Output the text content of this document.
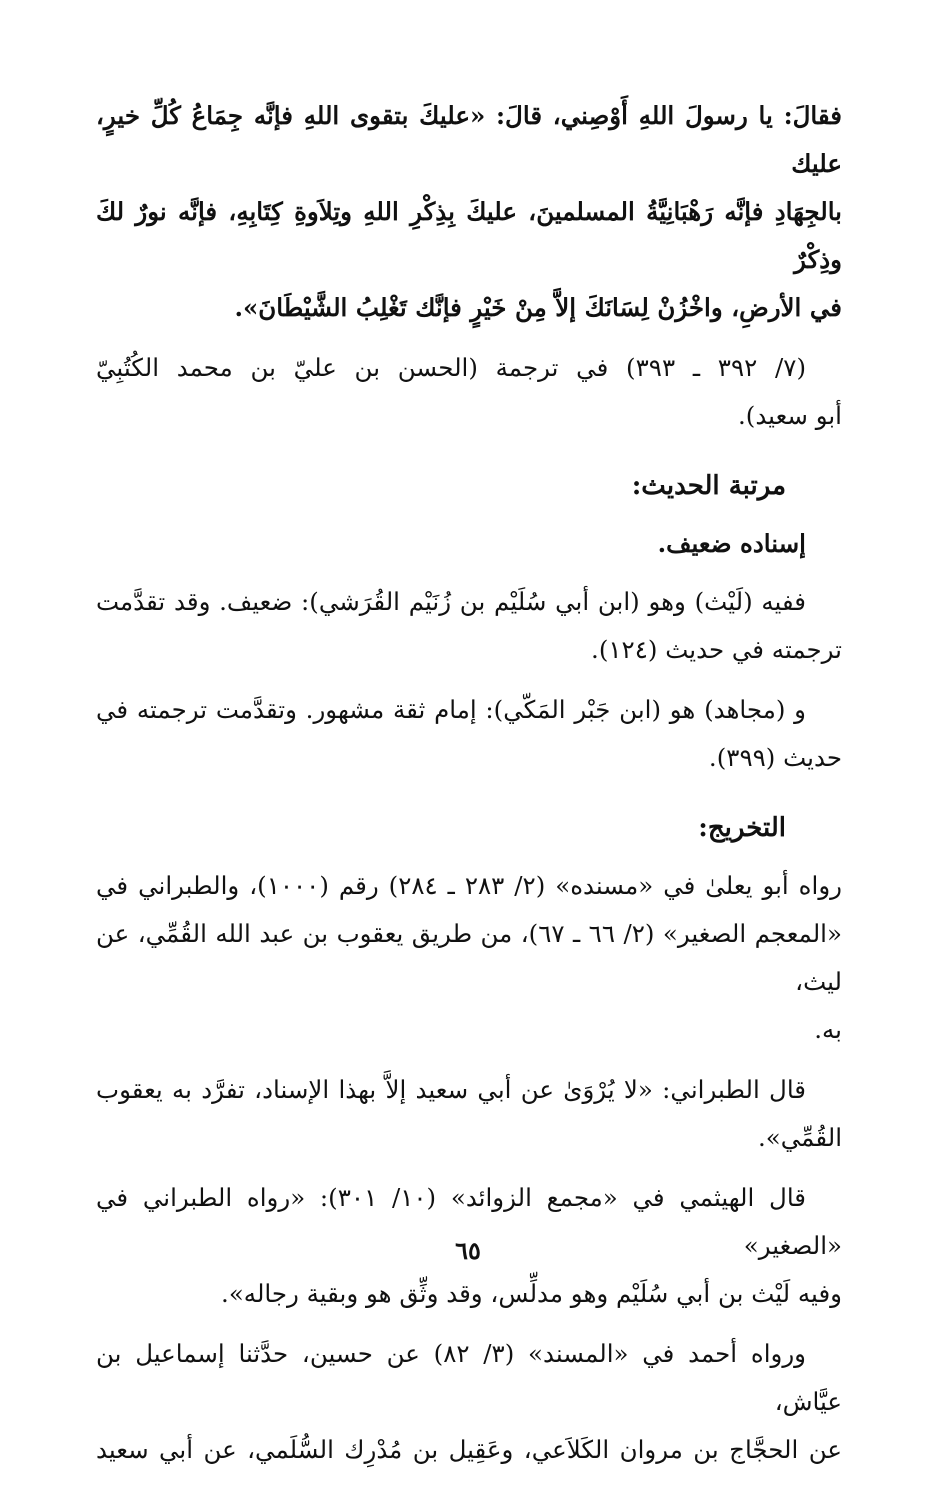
فقالَ: يا رسولَ اللهِ أَوْصِني، قالَ: «عليكَ بتقوى اللهِ فإنَّه جِمَاعُ كُلِّ خيرٍ، عليك
بالجِهَادِ فإنَّه رَهْبَانِيَّةُ المسلمينَ، عليكَ بِذِكْرِ اللهِ وتِلاَوةِ كِتَابِهِ، فإنَّه نورٌ لكَ وذِكْرٌ
في الأرضِ، واخْزُنْ لِسَانَكَ إلاَّ مِنْ خَيْرٍ فإنَّك تَغْلِبُ الشَّيْطَانَ».
(٧/ ٣٩٢ ـ ٣٩٣) في ترجمة (الحسن بن عليّ بن محمد الكُتُبِيّ
أبو سعيد).
مرتبة الحديث:
إسناده ضعيف.
ففيه (لَيْث) وهو (ابن أبي سُلَيْم بن زُنَيْم القُرَشي): ضعيف. وقد تقدَّمت
ترجمته في حديث (١٢٤).
و (مجاهد) هو (ابن جَبْر المَكّي): إمام ثقة مشهور. وتقدَّمت ترجمته في
حديث (٣٩٩).
التخريج:
رواه أبو يعلىٰ في «مسنده» (٢/ ٢٨٣ ـ ٢٨٤) رقم (١٠٠٠)، والطبراني في
«المعجم الصغير» (٢/ ٦٦ ـ ٦٧)، من طريق يعقوب بن عبد الله القُمِّي، عن ليث،
به.
قال الطبراني: «لا يُرْوَىٰ عن أبي سعيد إلاَّ بهذا الإسناد، تفرَّد به يعقوب
القُمِّي».
قال الهيثمي في «مجمع الزوائد» (١٠/ ٣٠١): «رواه الطبراني في «الصغير»
وفيه لَيْث بن أبي سُلَيْم وهو مدلِّس، وقد وثِّق هو وبقية رجاله».
ورواه أحمد في «المسند» (٣/ ٨٢) عن حسين، حدَّثنا إسماعيل بن عيَّاش،
عن الحجَّاج بن مروان الكَلاَعي، وعَقِيل بن مُدْرِك السُّلَمي، عن أبي سعيد
٦٥
